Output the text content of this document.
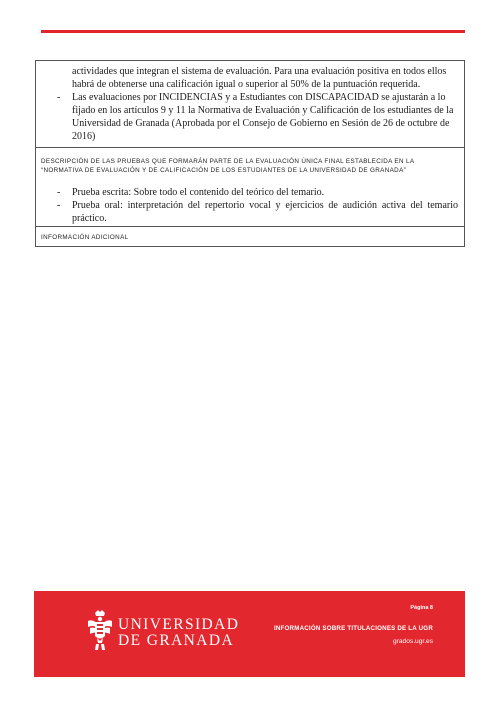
actividades que integran el sistema de evaluación. Para una evaluación positiva en todos ellos habrá de obtenerse una calificación igual o superior al 50% de la puntuación requerida.

- Las evaluaciones por INCIDENCIAS y a Estudiantes con DISCAPACIDAD se ajustarán a lo fijado en los artículos 9 y 11 la Normativa de Evaluación y Calificación de los estudiantes de la Universidad de Granada (Aprobada por el Consejo de Gobierno en Sesión de 26 de octubre de 2016)

DESCRIPCIÓN DE LAS PRUEBAS QUE FORMARÁN PARTE DE LA EVALUACIÓN ÚNICA FINAL ESTABLECIDA EN LA
“NORMATIVA DE EVALUACIÓN Y DE CALIFICACIÓN DE LOS ESTUDIANTES DE LA UNIVERSIDAD DE GRANADA”

- Prueba escrita: Sobre todo el contenido del teórico del temario.

- Prueba oral: interpretación del repertorio vocal y ejercicios de audición activa del temario práctico.

INFORMACIÓN ADICIONAL
UNIVERSIDAD
DE GRANADA
Página 8
INFORMACIÓN SOBRE TITULACIONES DE LA UGR
grados.ugr.es
